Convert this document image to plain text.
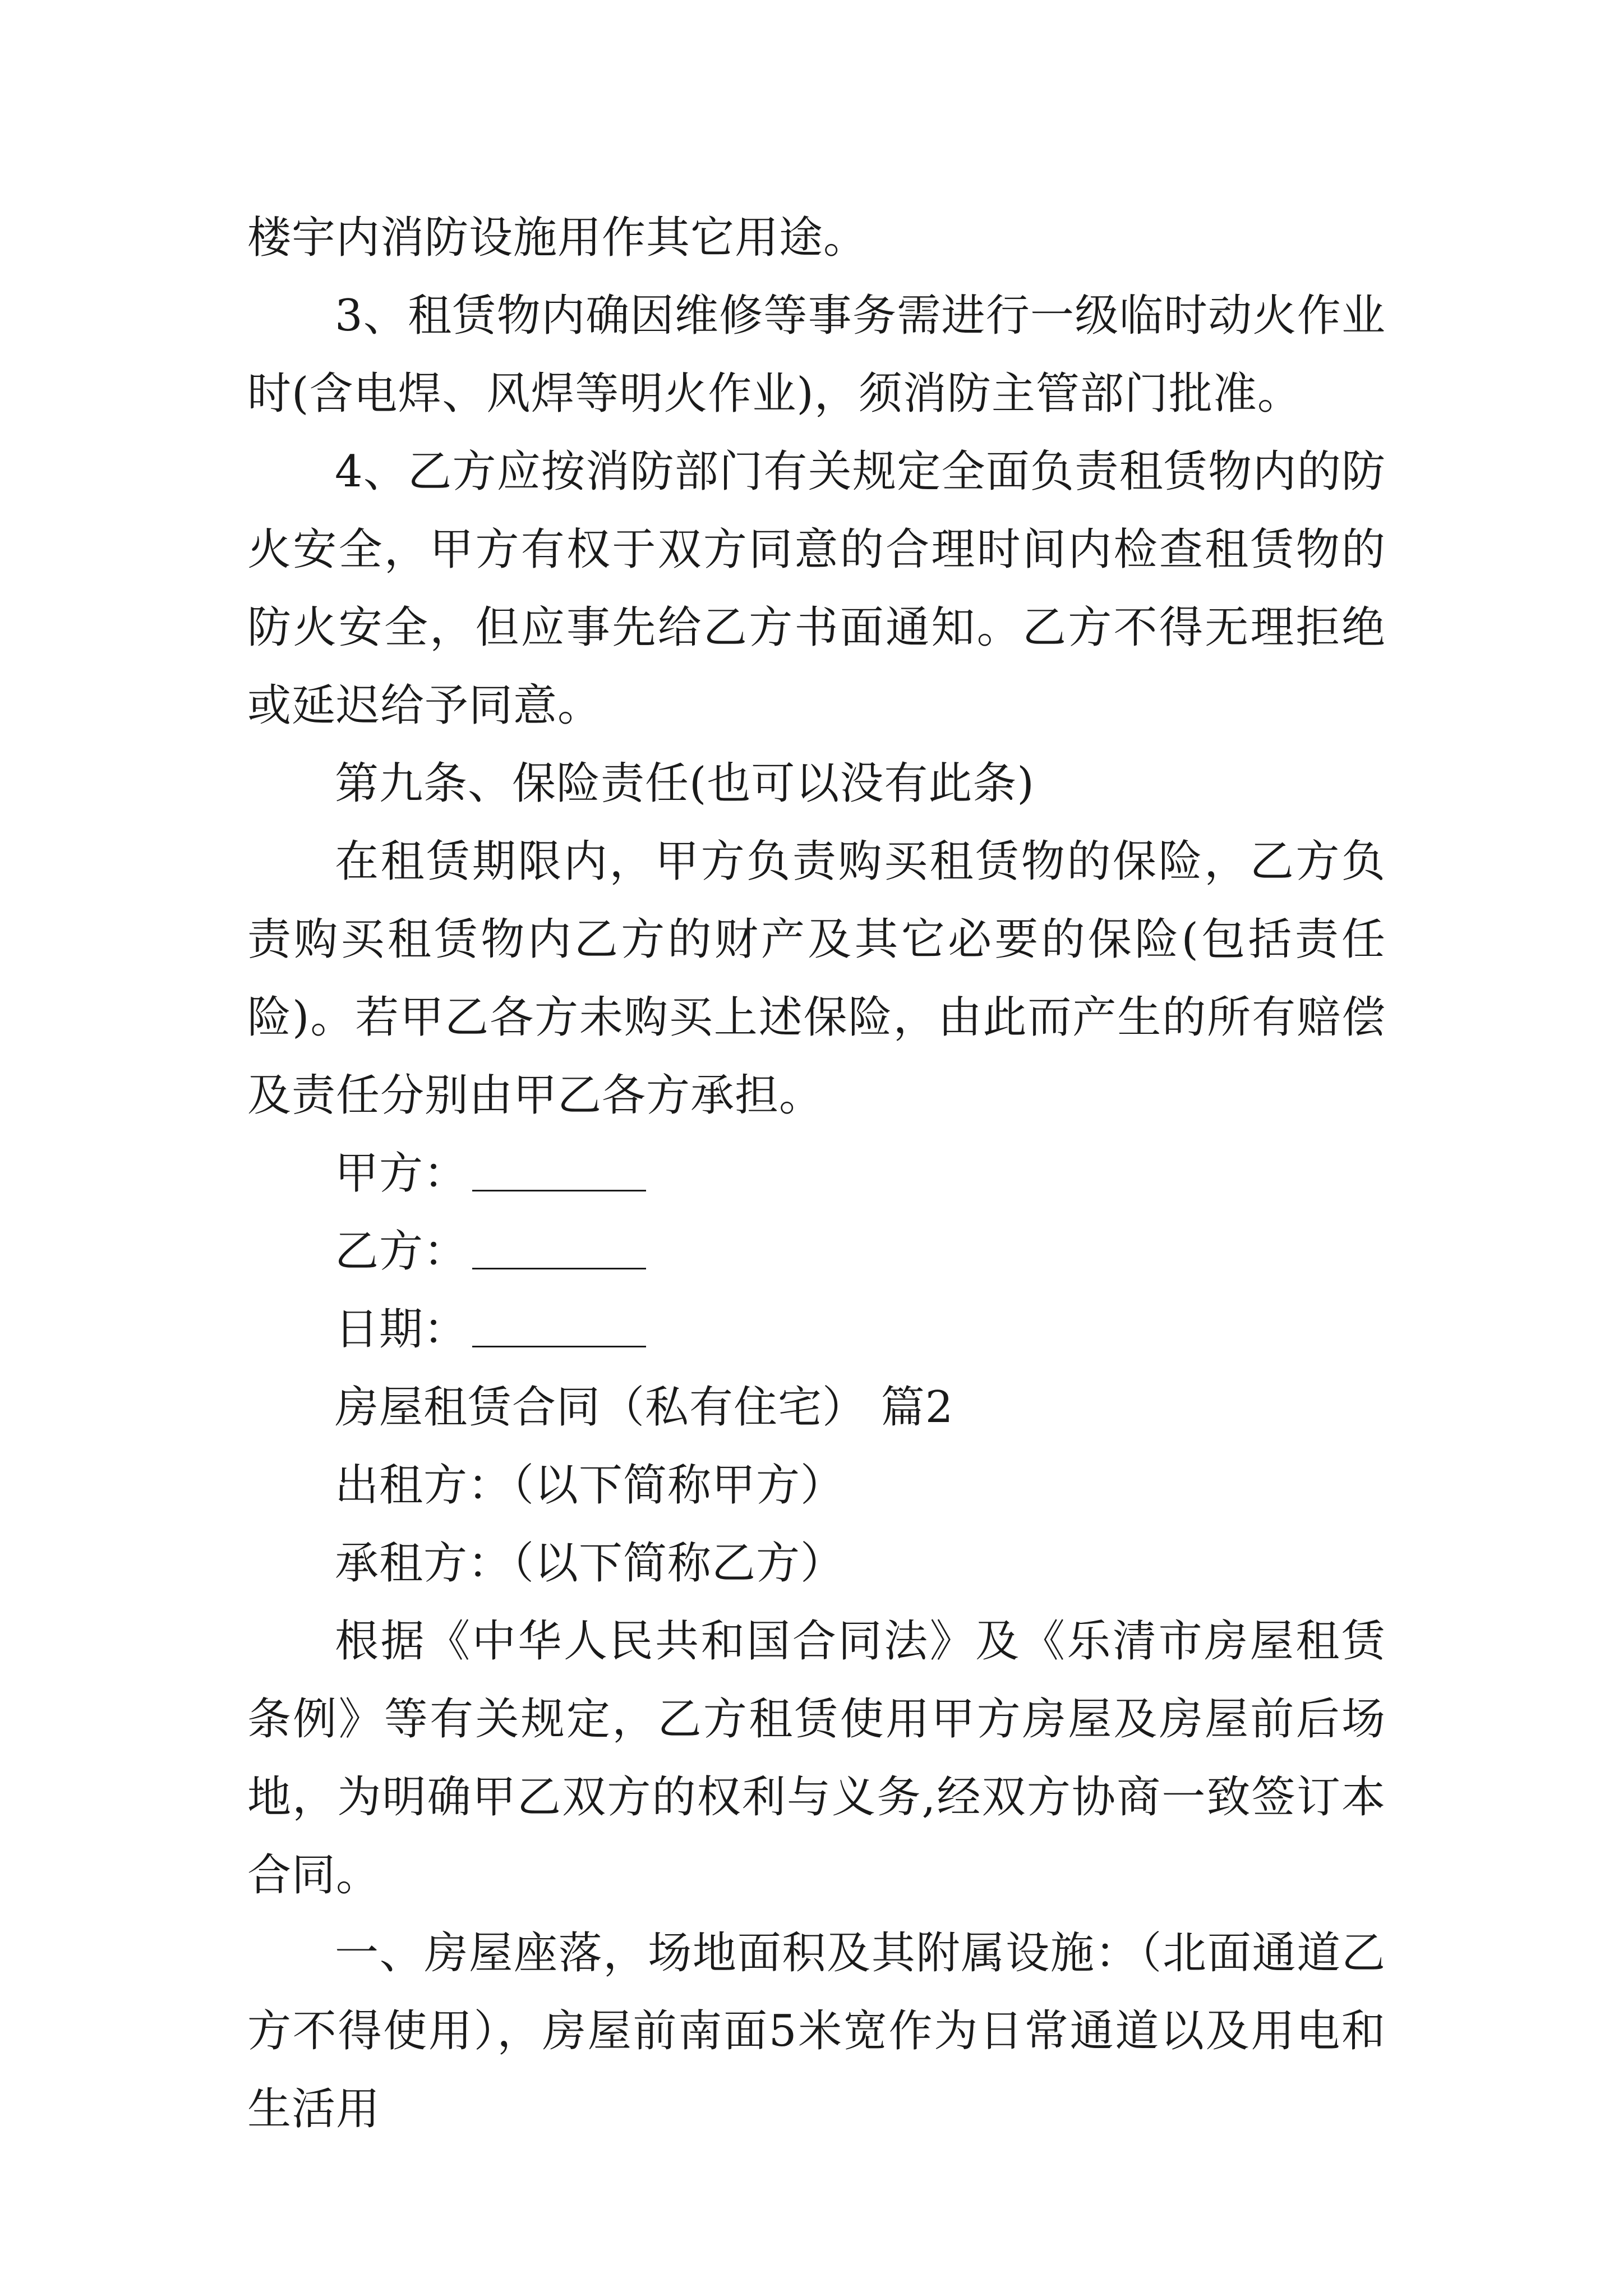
楼宇内消防设施用作其它用途。

3、租赁物内确因维修等事务需进行一级临时动火作业时(含电焊、风焊等明火作业)，须消防主管部门批准。

4、乙方应按消防部门有关规定全面负责租赁物内的防火安全，甲方有权于双方同意的合理时间内检查租赁物的防火安全，但应事先给乙方书面通知。乙方不得无理拒绝或延迟给予同意。

第九条、保险责任(也可以没有此条)

在租赁期限内，甲方负责购买租赁物的保险，乙方负责购买租赁物内乙方的财产及其它必要的保险(包括责任险)。若甲乙各方未购买上述保险，由此而产生的所有赔偿及责任分别由甲乙各方承担。

甲方：

乙方：

日期：

房屋租赁合同（私有住宅） 篇2

出租方：（以下简称甲方）

承租方：（以下简称乙方）

根据《中华人民共和国合同法》及《乐清市房屋租赁条例》等有关规定，乙方租赁使用甲方房屋及房屋前后场地，为明确甲乙双方的权利与义务,经双方协商一致签订本合同。

一、房屋座落，场地面积及其附属设施：（北面通道乙方不得使用），房屋前南面5米宽作为日常通道以及用电和生活用
